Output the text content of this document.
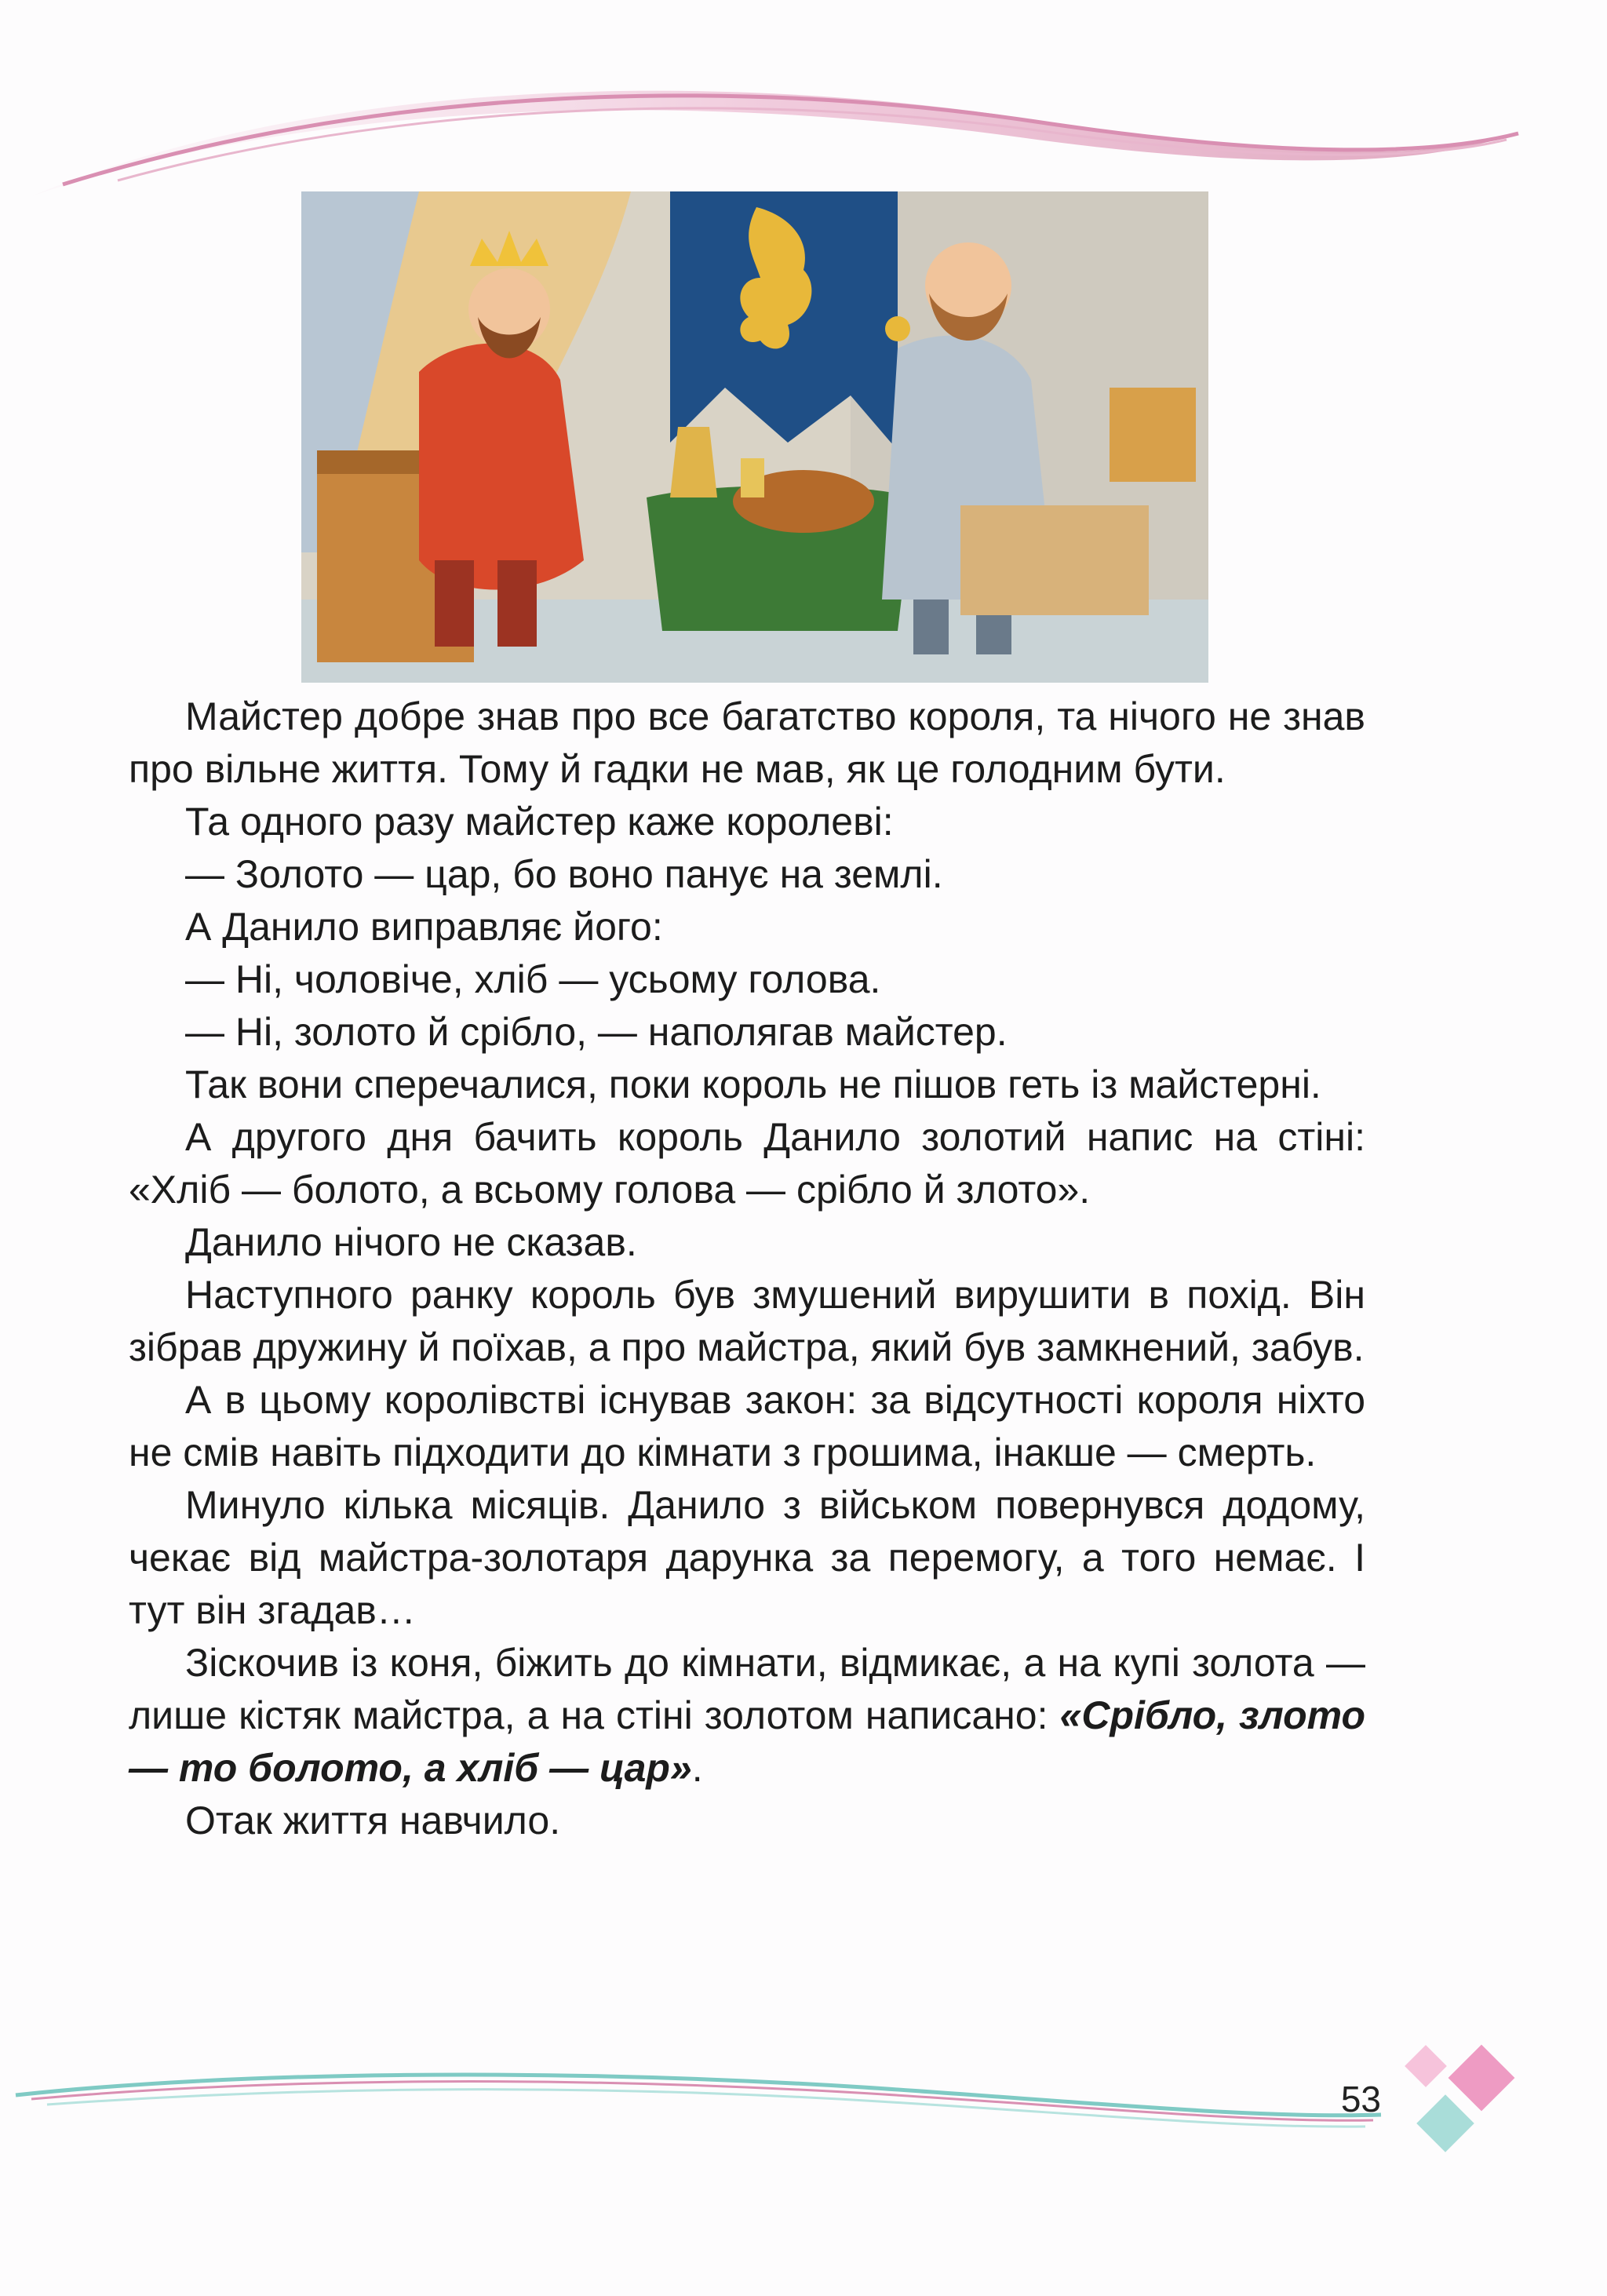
Майстер добре знав про все багатство короля, та нічого не знав про вільне життя. Тому й гадки не мав, як це голодним бути.

Та одного разу майстер каже королеві:

— Золото — цар, бо воно панує на землі.

А Данило виправляє його:

— Ні, чоловіче, хліб — усьому голова.

— Ні, золото й срібло, — наполягав майстер.

Так вони сперечалися, поки король не пішов геть із майстерні.

А другого дня бачить король Данило золотий напис на стіні: «Хліб — болото, а всьому голова — срібло й злото».

Данило нічого не сказав.

Наступного ранку король був змушений вирушити в похід. Він зібрав дружину й поїхав, а про майстра, який був замкнений, забув.

А в цьому королівстві існував закон: за відсутності короля ніхто не смів навіть підходити до кімнати з грошима, інакше — смерть.

Минуло кілька місяців. Данило з військом повернувся додому, чекає від майстра-золотаря дарунка за перемогу, а того немає. І тут він згадав…

Зіскочив із коня, біжить до кімнати, відмикає, а на купі золота — лише кістяк майстра, а на стіні золотом написано: «Срібло, злото — то болото, а хліб — цар».

Отак життя навчило.

53
